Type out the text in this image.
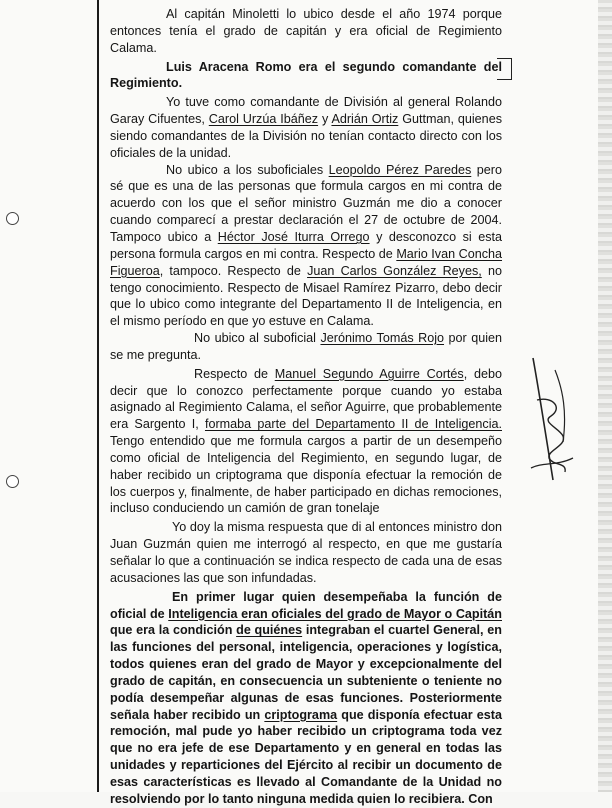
Al capitán Minoletti lo ubico desde el año 1974 porque entonces tenía el grado de capitán y era oficial de Regimiento Calama.

Luis Aracena Romo era el segundo comandante del Regimiento.

Yo tuve como comandante de División al general Rolando Garay Cifuentes, Carol Urzúa Ibáñez y Adrián Ortiz Guttman, quienes siendo comandantes de la División no tenían contacto directo con los oficiales de la unidad.

No ubico a los suboficiales Leopoldo Pérez Paredes pero sé que es una de las personas que formula cargos en mi contra de acuerdo con los que el señor ministro Guzmán me dio a conocer cuando comparecí a prestar declaración el 27 de octubre de 2004. Tampoco ubico a Héctor José Iturra Orrego y desconozco si esta persona formula cargos en mi contra. Respecto de Mario Ivan Concha Figueroa, tampoco. Respecto de Juan Carlos González Reyes, no tengo conocimiento. Respecto de Misael Ramírez Pizarro, debo decir que lo ubico como integrante del Departamento II de Inteligencia, en el mismo período en que yo estuve en Calama.

No ubico al suboficial Jerónimo Tomás Rojo por quien se me pregunta.

Respecto de Manuel Segundo Aguirre Cortés, debo decir que lo conozco perfectamente porque cuando yo estaba asignado al Regimiento Calama, el señor Aguirre, que probablemente era Sargento I, formaba parte del Departamento II de Inteligencia. Tengo entendido que me formula cargos a partir de un desempeño como oficial de Inteligencia del Regimiento, en segundo lugar, de haber recibido un criptograma que disponía efectuar la remoción de los cuerpos y, finalmente, de haber participado en dichas remociones, incluso conduciendo un camión de gran tonelaje

Yo doy la misma respuesta que di al entonces ministro don Juan Guzmán quien me interrogó al respecto, en que me gustaría señalar lo que a continuación se indica respecto de cada una de esas acusaciones las que son infundadas.

En primer lugar quien desempeñaba la función de oficial de Inteligencia eran oficiales del grado de Mayor o Capitán que era la condición de quiénes integraban el cuartel General, en las funciones del personal, inteligencia, operaciones y logística, todos quienes eran del grado de Mayor y excepcionalmente del grado de capitán, en consecuencia un subteniente o teniente no podía desempeñar algunas de esas funciones. Posteriormente señala haber recibido un criptograma que disponía efectuar esta remoción, mal pude yo haber recibido un criptograma toda vez que no era jefe de ese Departamento y en general en todas las unidades y reparticiones del Ejército al recibir un documento de esas características es llevado al Comandante de la Unidad no resolviendo por lo tanto ninguna medida quien lo recibiera. Con
